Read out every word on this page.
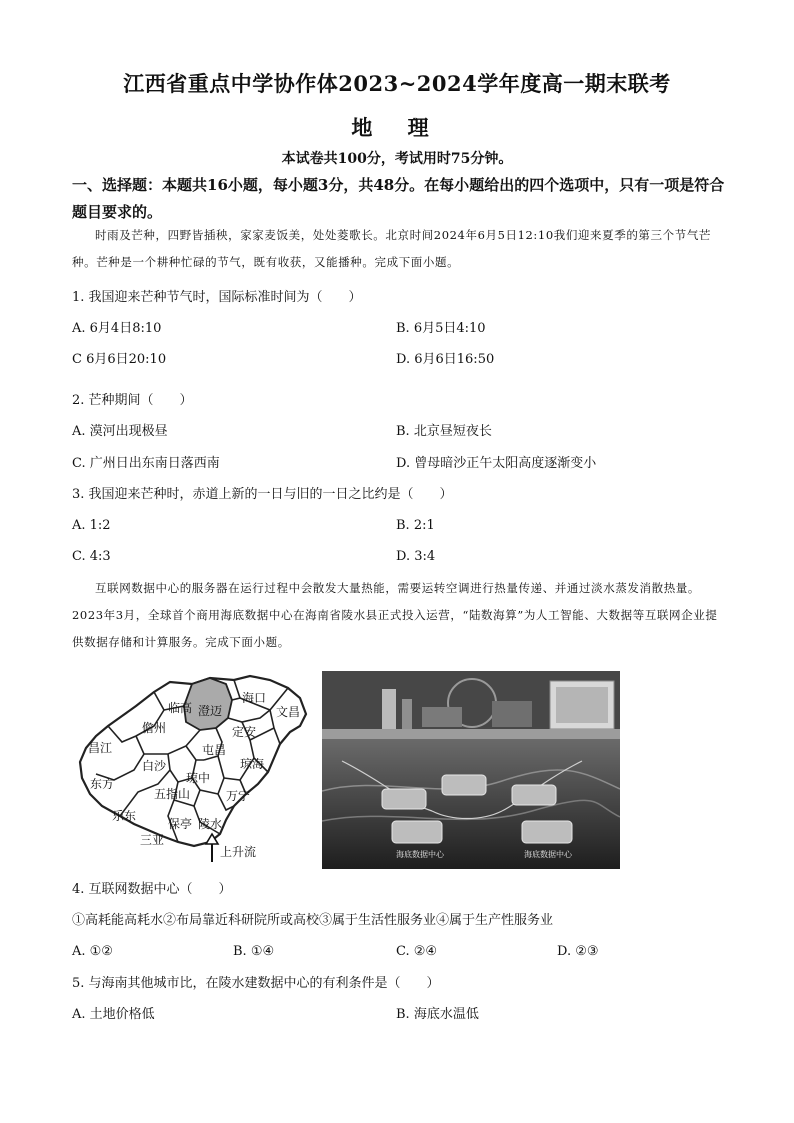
江西省重点中学协作体2023~2024学年度高一期末联考
地 理
本试卷共100分，考试用时75分钟。
一、选择题：本题共16小题，每小题3分，共48分。在每小题给出的四个选项中，只有一项是符合题目要求的。
时雨及芒种，四野皆插秧，家家麦饭美，处处菱歌长。北京时间2024年6月5日12:10我们迎来夏季的第三个节气芒种。芒种是一个耕种忙碌的节气，既有收获，又能播种。完成下面小题。
1. 我国迎来芒种节气时，国际标准时间为（　　）
A. 6月4日8:10	B. 6月5日4:10
C 6月6日20:10	D. 6月6日16:50
2. 芒种期间（　　）
A. 漠河出现极昼	B. 北京昼短夜长
C. 广州日出东南日落西南	D. 曾母暗沙正午太阳高度逐渐变小
3. 我国迎来芒种时，赤道上新的一日与旧的一日之比约是（　　）
A. 1:2	B. 2:1
C. 4:3	D. 3:4
互联网数据中心的服务器在运行过程中会散发大量热能，需要运转空调进行热量传递、并通过淡水蒸发消散热量。2023年3月，全球首个商用海底数据中心在海南省陵水县正式投入运营，“陆数海算”为人工智能、大数据等互联网企业提供数据存储和计算服务。完成下面小题。
临高 澄迈
海口
文昌
儋州	定安
屯昌
昌江
白沙	琼海
东方	琼中
五指山	万宁
乐东
保亭 陵水
三亚
上升流	海底数据中心	海底数据中心
4. 互联网数据中心（　　）
①高耗能高耗水②布局靠近科研院所或高校③属于生活性服务业④属于生产性服务业
A. ①②	B. ①④	C. ②④	D. ②③
5. 与海南其他城市比，在陵水建数据中心的有利条件是（　　）
A. 土地价格低	B. 海底水温低
